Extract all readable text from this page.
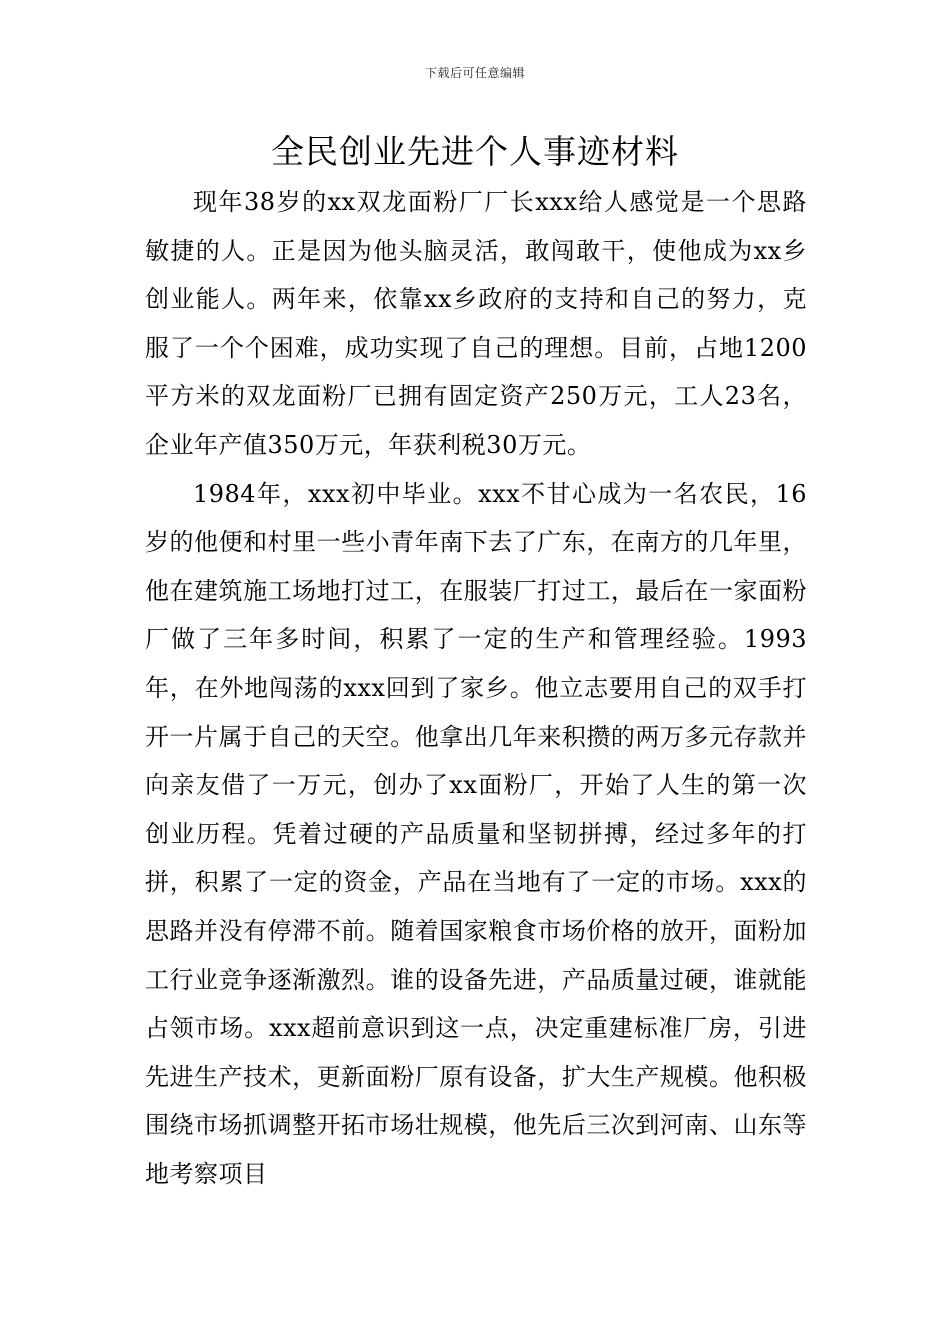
下载后可任意编辑
全民创业先进个人事迹材料

现年38岁的xx双龙面粉厂厂长xxx给人感觉是一个思路敏捷的人。正是因为他头脑灵活，敢闯敢干，使他成为xx乡创业能人。两年来，依靠xx乡政府的支持和自己的努力，克服了一个个困难，成功实现了自己的理想。目前，占地1200平方米的双龙面粉厂已拥有固定资产250万元，工人23名，企业年产值350万元，年获利税30万元。

1984年，xxx初中毕业。xxx不甘心成为一名农民，16岁的他便和村里一些小青年南下去了广东，在南方的几年里，他在建筑施工场地打过工，在服装厂打过工，最后在一家面粉厂做了三年多时间，积累了一定的生产和管理经验。1993年，在外地闯荡的xxx回到了家乡。他立志要用自己的双手打开一片属于自己的天空。他拿出几年来积攒的两万多元存款并向亲友借了一万元，创办了xx面粉厂，开始了人生的第一次创业历程。凭着过硬的产品质量和坚韧拼搏，经过多年的打拼，积累了一定的资金，产品在当地有了一定的市场。xxx的思路并没有停滞不前。随着国家粮食市场价格的放开，面粉加工行业竞争逐渐激烈。谁的设备先进，产品质量过硬，谁就能占领市场。xxx超前意识到这一点，决定重建标准厂房，引进先进生产技术，更新面粉厂原有设备，扩大生产规模。他积极围绕市场抓调整开拓市场壮规模，他先后三次到河南、山东等地考察项目
